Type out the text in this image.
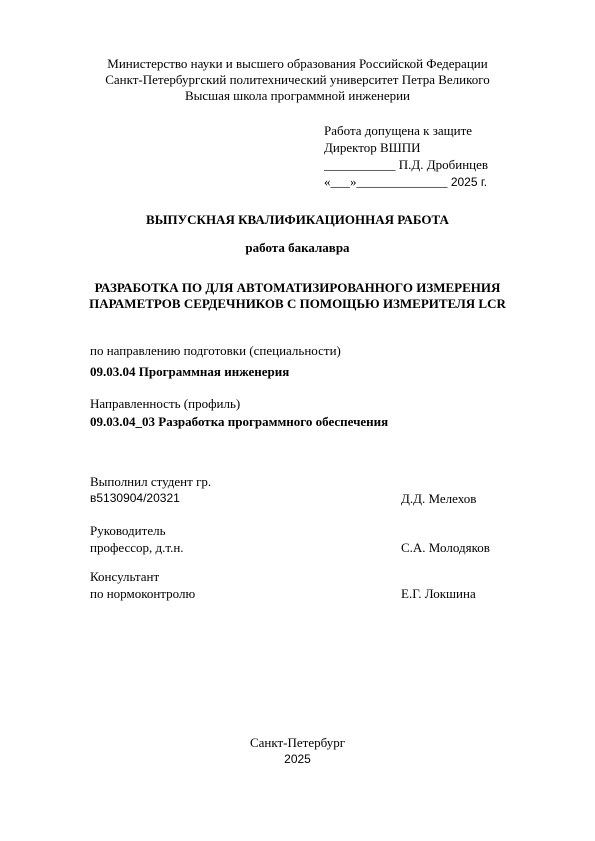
Министерство науки и высшего образования Российской Федерации
Санкт-Петербургский политехнический университет Петра Великого
Высшая школа программной инженерии
Работа допущена к защите
Директор ВШПИ
___________ П.Д. Дробинцев
«___»______________ 2025 г.
ВЫПУСКНАЯ КВАЛИФИКАЦИОННАЯ РАБОТА
работа бакалавра
РАЗРАБОТКА ПО ДЛЯ АВТОМАТИЗИРОВАННОГО ИЗМЕРЕНИЯ
ПАРАМЕТРОВ СЕРДЕЧНИКОВ С ПОМОЩЬЮ ИЗМЕРИТЕЛЯ LCR
по направлению подготовки (специальности)
09.03.04 Программная инженерия
Направленность (профиль)
09.03.04_03 Разработка программного обеспечения
Выполнил студент гр.
в5130904/20321	Д.Д. Мелехов
Руководитель
профессор, д.т.н.	С.А. Молодяков
Консультант
по нормоконтролю	Е.Г. Локшина
Санкт-Петербург
2025
